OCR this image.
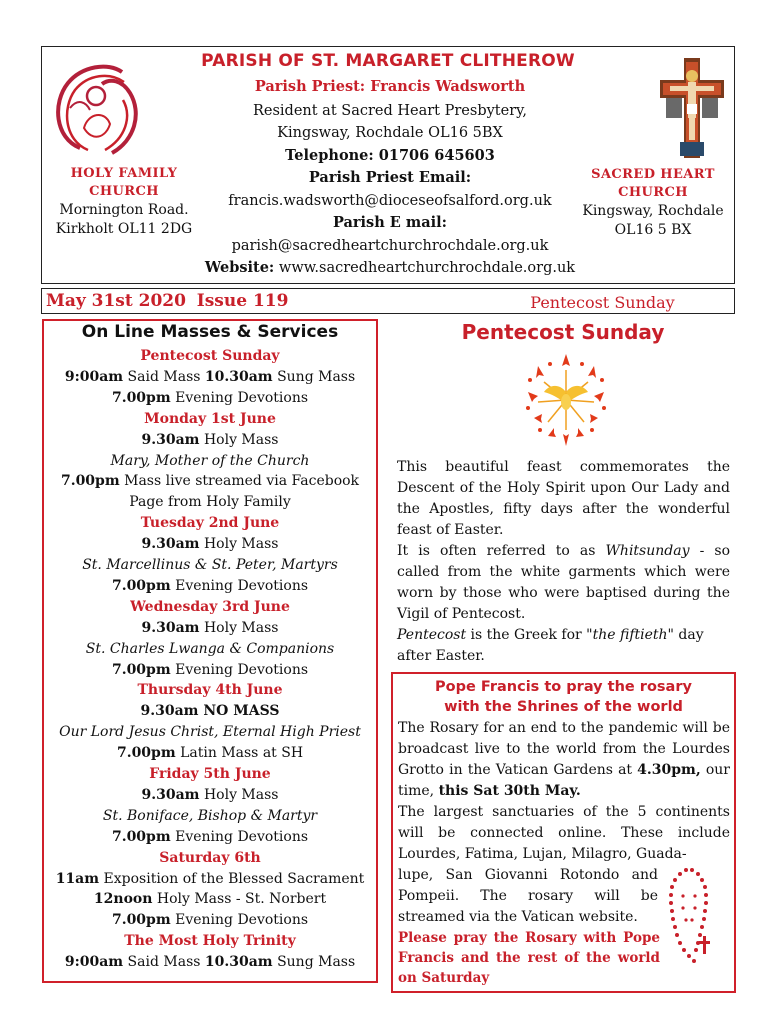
PARISH OF ST. MARGARET CLITHEROW
Parish Priest: Francis Wadsworth
Resident at Sacred Heart Presbytery,
Kingsway, Rochdale OL16 5BX
Telephone: 01706 645603
Parish Priest Email:
francis.wadsworth@dioceseofsalford.org.uk
Parish E mail:
parish@sacredheartchurchrochdale.org.uk
Website: www.sacredheartchurchrochdale.org.uk
HOLY FAMILY
CHURCH
Mornington Road.
Kirkholt OL11 2DG
SACRED HEART
CHURCH
Kingsway, Rochdale
OL16 5 BX
May 31st 2020 Issue 119	Pentecost Sunday
On Line Masses & Services
Pentecost Sunday
9:00am Said Mass 10.30am Sung Mass
7.00pm Evening Devotions
Monday 1st June
9.30am Holy Mass
Mary, Mother of the Church
7.00pm Mass live streamed via Facebook
Page from Holy Family
Tuesday 2nd June
9.30am Holy Mass
St. Marcellinus & St. Peter, Martyrs
7.00pm Evening Devotions
Wednesday 3rd June
9.30am Holy Mass
St. Charles Lwanga & Companions
7.00pm Evening Devotions
Thursday 4th June
9.30am NO MASS
Our Lord Jesus Christ, Eternal High Priest
7.00pm Latin Mass at SH
Friday 5th June
9.30am Holy Mass
St. Boniface, Bishop & Martyr
7.00pm Evening Devotions
Saturday 6th
11am Exposition of the Blessed Sacrament
12noon Holy Mass - St. Norbert
7.00pm Evening Devotions
The Most Holy Trinity
9:00am Said Mass 10.30am Sung Mass
Pentecost Sunday

This beautiful feast commemorates the Descent of the Holy Spirit upon Our Lady and the Apostles, fifty days after the wonderful feast of Easter.

It is often referred to as Whitsunday - so called from the white garments which were worn by those who were baptised during the Vigil of Pentecost.

Pentecost is the Greek for "the fiftieth" day after Easter.

Pope Francis to pray the rosary
with the Shrines of the world

The Rosary for an end to the pandemic will be broadcast live to the world from the Lourdes Grotto in the Vatican Gardens at 4.30pm, our time, this Sat 30th May.

The largest sanctuaries of the 5 continents will be connected online. These include Lourdes, Fatima, Lujan, Milagro, Guada-

lupe, San Giovanni Rotondo and Pompeii. The rosary will be streamed via the Vatican website.

Please pray the Rosary with Pope Francis and the rest of the world on Saturday
